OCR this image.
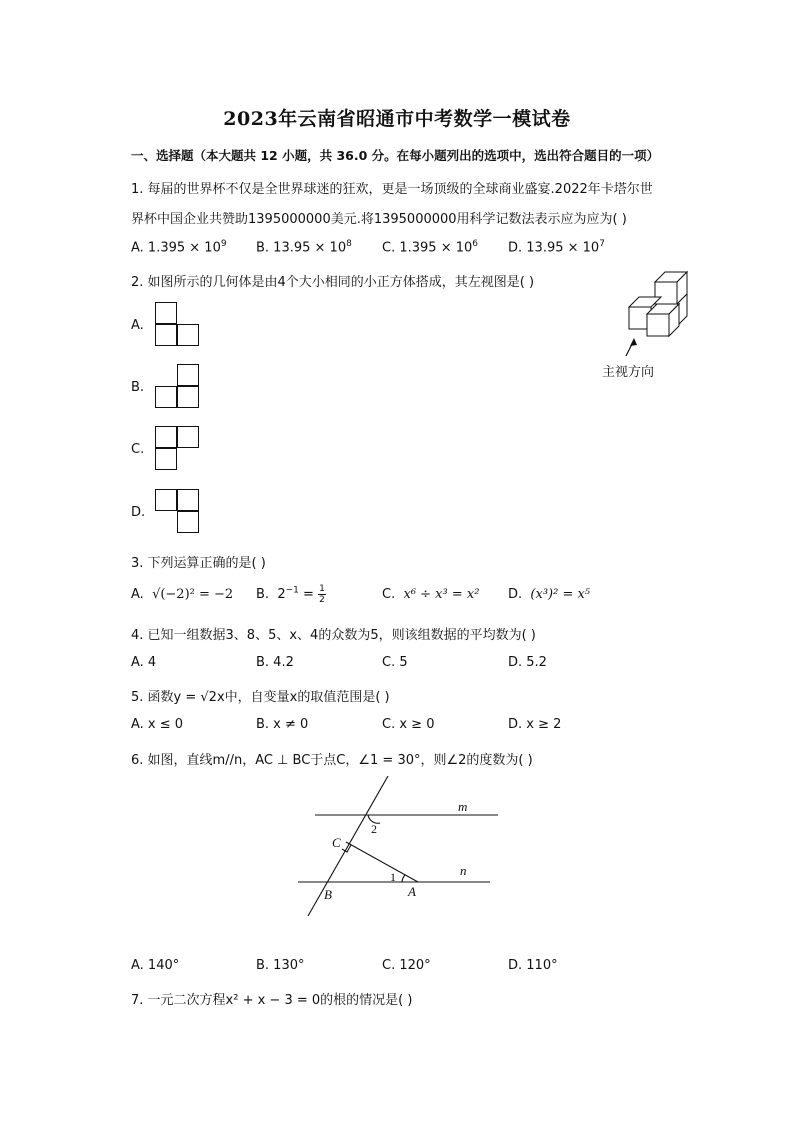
2023年云南省昭通市中考数学一模试卷
一、选择题（本大题共 12 小题，共 36.0 分。在每小题列出的选项中，选出符合题目的一项）
1. 每届的世界杯不仅是全世界球迷的狂欢，更是一场顶级的全球商业盛宴.2022年卡塔尔世
界杯中国企业共赞助1395000000美元.将1395000000用科学记数法表示应为应为( )
A. $1.395 \times 10^9$ B. $13.95 \times 10^8$ C. $1.395 \times 10^6$ D. $13.95 \times 10^7$
2. 如图所示的几何体是由4个大小相同的小正方体搭成，其左视图是( )
主视方向
A.
B.
C.
D.
3. 下列运算正确的是( )
A. √(−2)² = −2 B. $2^{-1} = \frac{1}{2}$	C. x⁶ ÷ x³ = x² D. (x³)² = x⁵
4. 已知一组数据3、8、5、x、4的众数为5，则该组数据的平均数为( )
A. 4	B. 4.2	C. 5	D. 5.2
5. 函数y = √2x中，自变量x的取值范围是( )
A. x ≤ 0	B. x ≠ 0	C. x ≥ 0	D. x ≥ 2
6. 如图，直线m//n，AC ⊥ BC于点C，∠1 = 30°，则∠2的度数为( )
m
n
C
B	A
1
2
A. 140°	B. 130°	C. 120°	D. 110°
7. 一元二次方程x² + x − 3 = 0的根的情况是( )
